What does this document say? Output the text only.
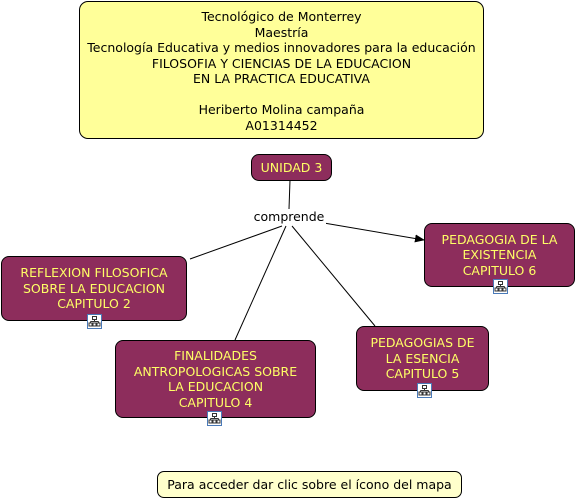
Tecnológico de Monterrey
Maestría
Tecnología Educativa y medios innovadores para la educación
FILOSOFIA Y CIENCIAS DE LA EDUCACION
EN LA PRACTICA EDUCATIVA
Heriberto Molina campaña
A01314452
UNIDAD 3
comprende
REFLEXION FILOSOFICA
SOBRE LA EDUCACION
CAPITULO 2
FINALIDADES
ANTROPOLOGICAS SOBRE
LA EDUCACION
CAPITULO 4
PEDAGOGIAS DE
LA ESENCIA
CAPITULO 5
PEDAGOGIA DE LA
EXISTENCIA
CAPITULO 6
Para acceder dar clic sobre el ícono del mapa
